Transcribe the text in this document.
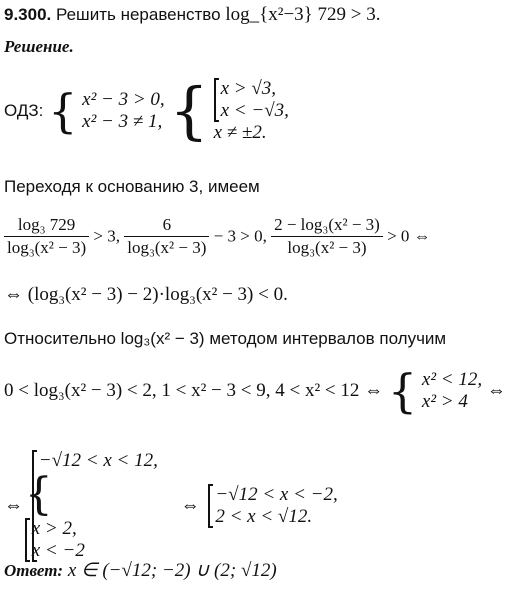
9.300. Решить неравенство log_{x²−3} 729 > 3.
Решение.
ОДЗ: { x² − 3 > 0,
x² − 3 ≠ 1, { x > √3,
x < −√3,
x ≠ ±2.
Переходя к основанию 3, имеем
$\frac{\text{log₃ 729}}{\text{log₃(x² − 3)}} > 3$, $\frac{6}{\text{log₃(x² − 3)}} - 3 > 0$, $\frac{\text{2 − log₃(x² − 3)}}{\text{log₃(x² − 3)}} > 0$ ⇔
⇔ (log₃(x² − 3) − 2)·log₃(x² − 3) < 0.
Относительно log₃(x² − 3) методом интервалов получим
0 < log₃(x² − 3) < 2, 1 < x² − 3 < 9, 4 < x² < 12 ⇔ { x² < 12,
x² > 4
⇔
⇔
−√12 < x < 12,
{
x > 2,
x < −2
⇔
−√12 < x < −2,
2 < x < √12.
Ответ: x ∈ (−√12; −2) ∪ (2; √12)
